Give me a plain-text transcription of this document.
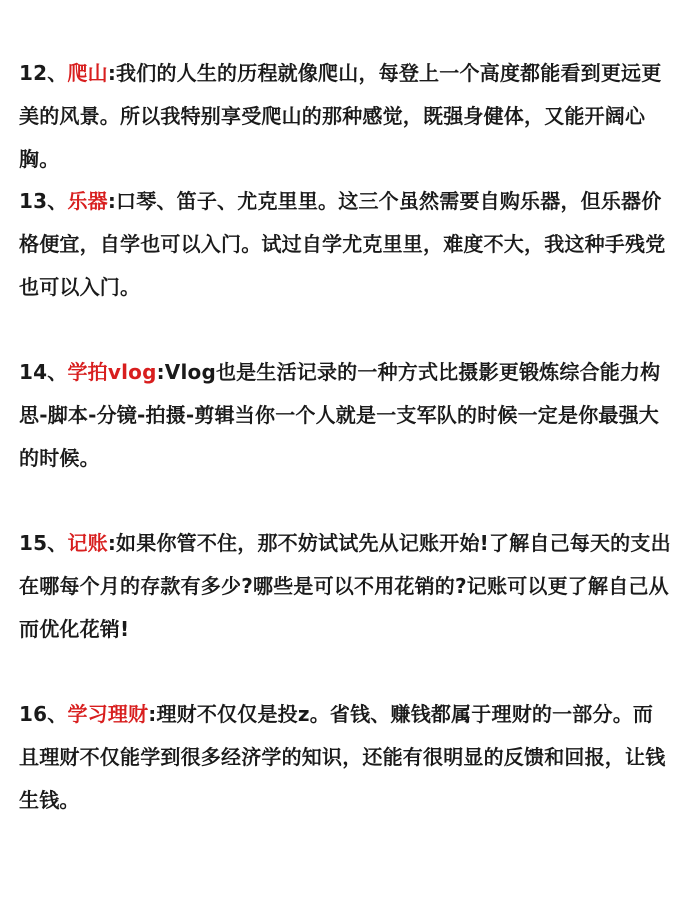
12、爬山:我们的人生的历程就像爬山，每登上一个高度都能看到更远更美的风景。所以我特别享受爬山的那种感觉，既强身健体，又能开阔心胸。

13、乐器:口琴、笛子、尤克里里。这三个虽然需要自购乐器，但乐器价格便宜，自学也可以入门。试过自学尤克里里，难度不大，我这种手残党也可以入门。

14、学拍vlog:Vlog也是生活记录的一种方式比摄影更锻炼综合能力构思-脚本-分镜-拍摄-剪辑当你一个人就是一支军队的时候一定是你最强大的时候。

15、记账:如果你管不住，那不妨试试先从记账开始!了解自己每天的支出在哪每个月的存款有多少?哪些是可以不用花销的?记账可以更了解自己从而优化花销!

16、学习理财:理财不仅仅是投z。省钱、赚钱都属于理财的一部分。而且理财不仅能学到很多经济学的知识，还能有很明显的反馈和回报，让钱生钱。
